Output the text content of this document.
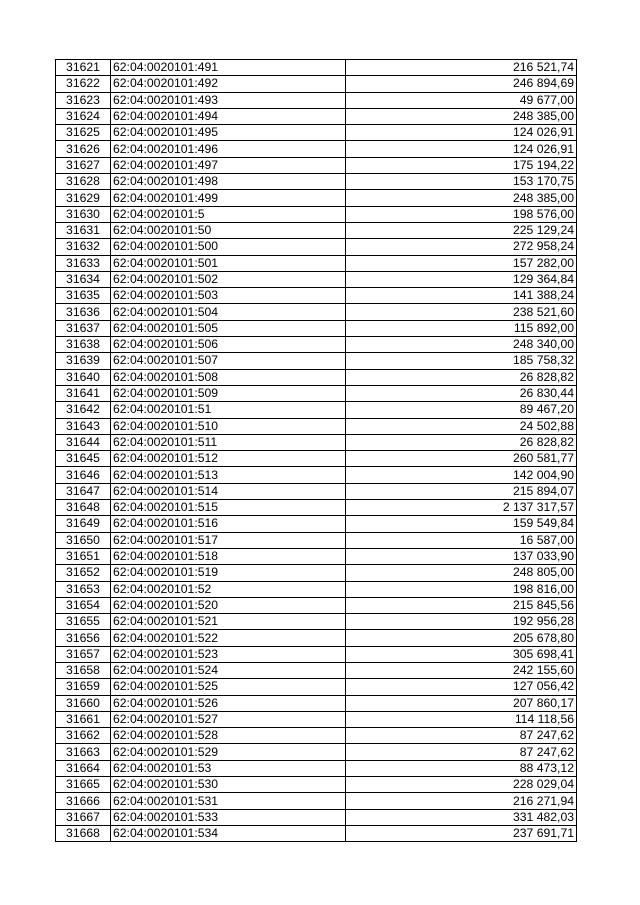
31621	62:04:0020101:491	216 521,74
31622	62:04:0020101:492	246 894,69
31623	62:04:0020101:493	49 677,00
31624	62:04:0020101:494	248 385,00
31625	62:04:0020101:495	124 026,91
31626	62:04:0020101:496	124 026,91
31627	62:04:0020101:497	175 194,22
31628	62:04:0020101:498	153 170,75
31629	62:04:0020101:499	248 385,00
31630	62:04:0020101:5	198 576,00
31631	62:04:0020101:50	225 129,24
31632	62:04:0020101:500	272 958,24
31633	62:04:0020101:501	157 282,00
31634	62:04:0020101:502	129 364,84
31635	62:04:0020101:503	141 388,24
31636	62:04:0020101:504	238 521,60
31637	62:04:0020101:505	115 892,00
31638	62:04:0020101:506	248 340,00
31639	62:04:0020101:507	185 758,32
31640	62:04:0020101:508	26 828,82
31641	62:04:0020101:509	26 830,44
31642	62:04:0020101:51	89 467,20
31643	62:04:0020101:510	24 502,88
31644	62:04:0020101:511	26 828,82
31645	62:04:0020101:512	260 581,77
31646	62:04:0020101:513	142 004,90
31647	62:04:0020101:514	215 894,07
31648	62:04:0020101:515	2 137 317,57
31649	62:04:0020101:516	159 549,84
31650	62:04:0020101:517	16 587,00
31651	62:04:0020101:518	137 033,90
31652	62:04:0020101:519	248 805,00
31653	62:04:0020101:52	198 816,00
31654	62:04:0020101:520	215 845,56
31655	62:04:0020101:521	192 956,28
31656	62:04:0020101:522	205 678,80
31657	62:04:0020101:523	305 698,41
31658	62:04:0020101:524	242 155,60
31659	62:04:0020101:525	127 056,42
31660	62:04:0020101:526	207 860,17
31661	62:04:0020101:527	114 118,56
31662	62:04:0020101:528	87 247,62
31663	62:04:0020101:529	87 247,62
31664	62:04:0020101:53	88 473,12
31665	62:04:0020101:530	228 029,04
31666	62:04:0020101:531	216 271,94
31667	62:04:0020101:533	331 482,03
31668	62:04:0020101:534	237 691,71
